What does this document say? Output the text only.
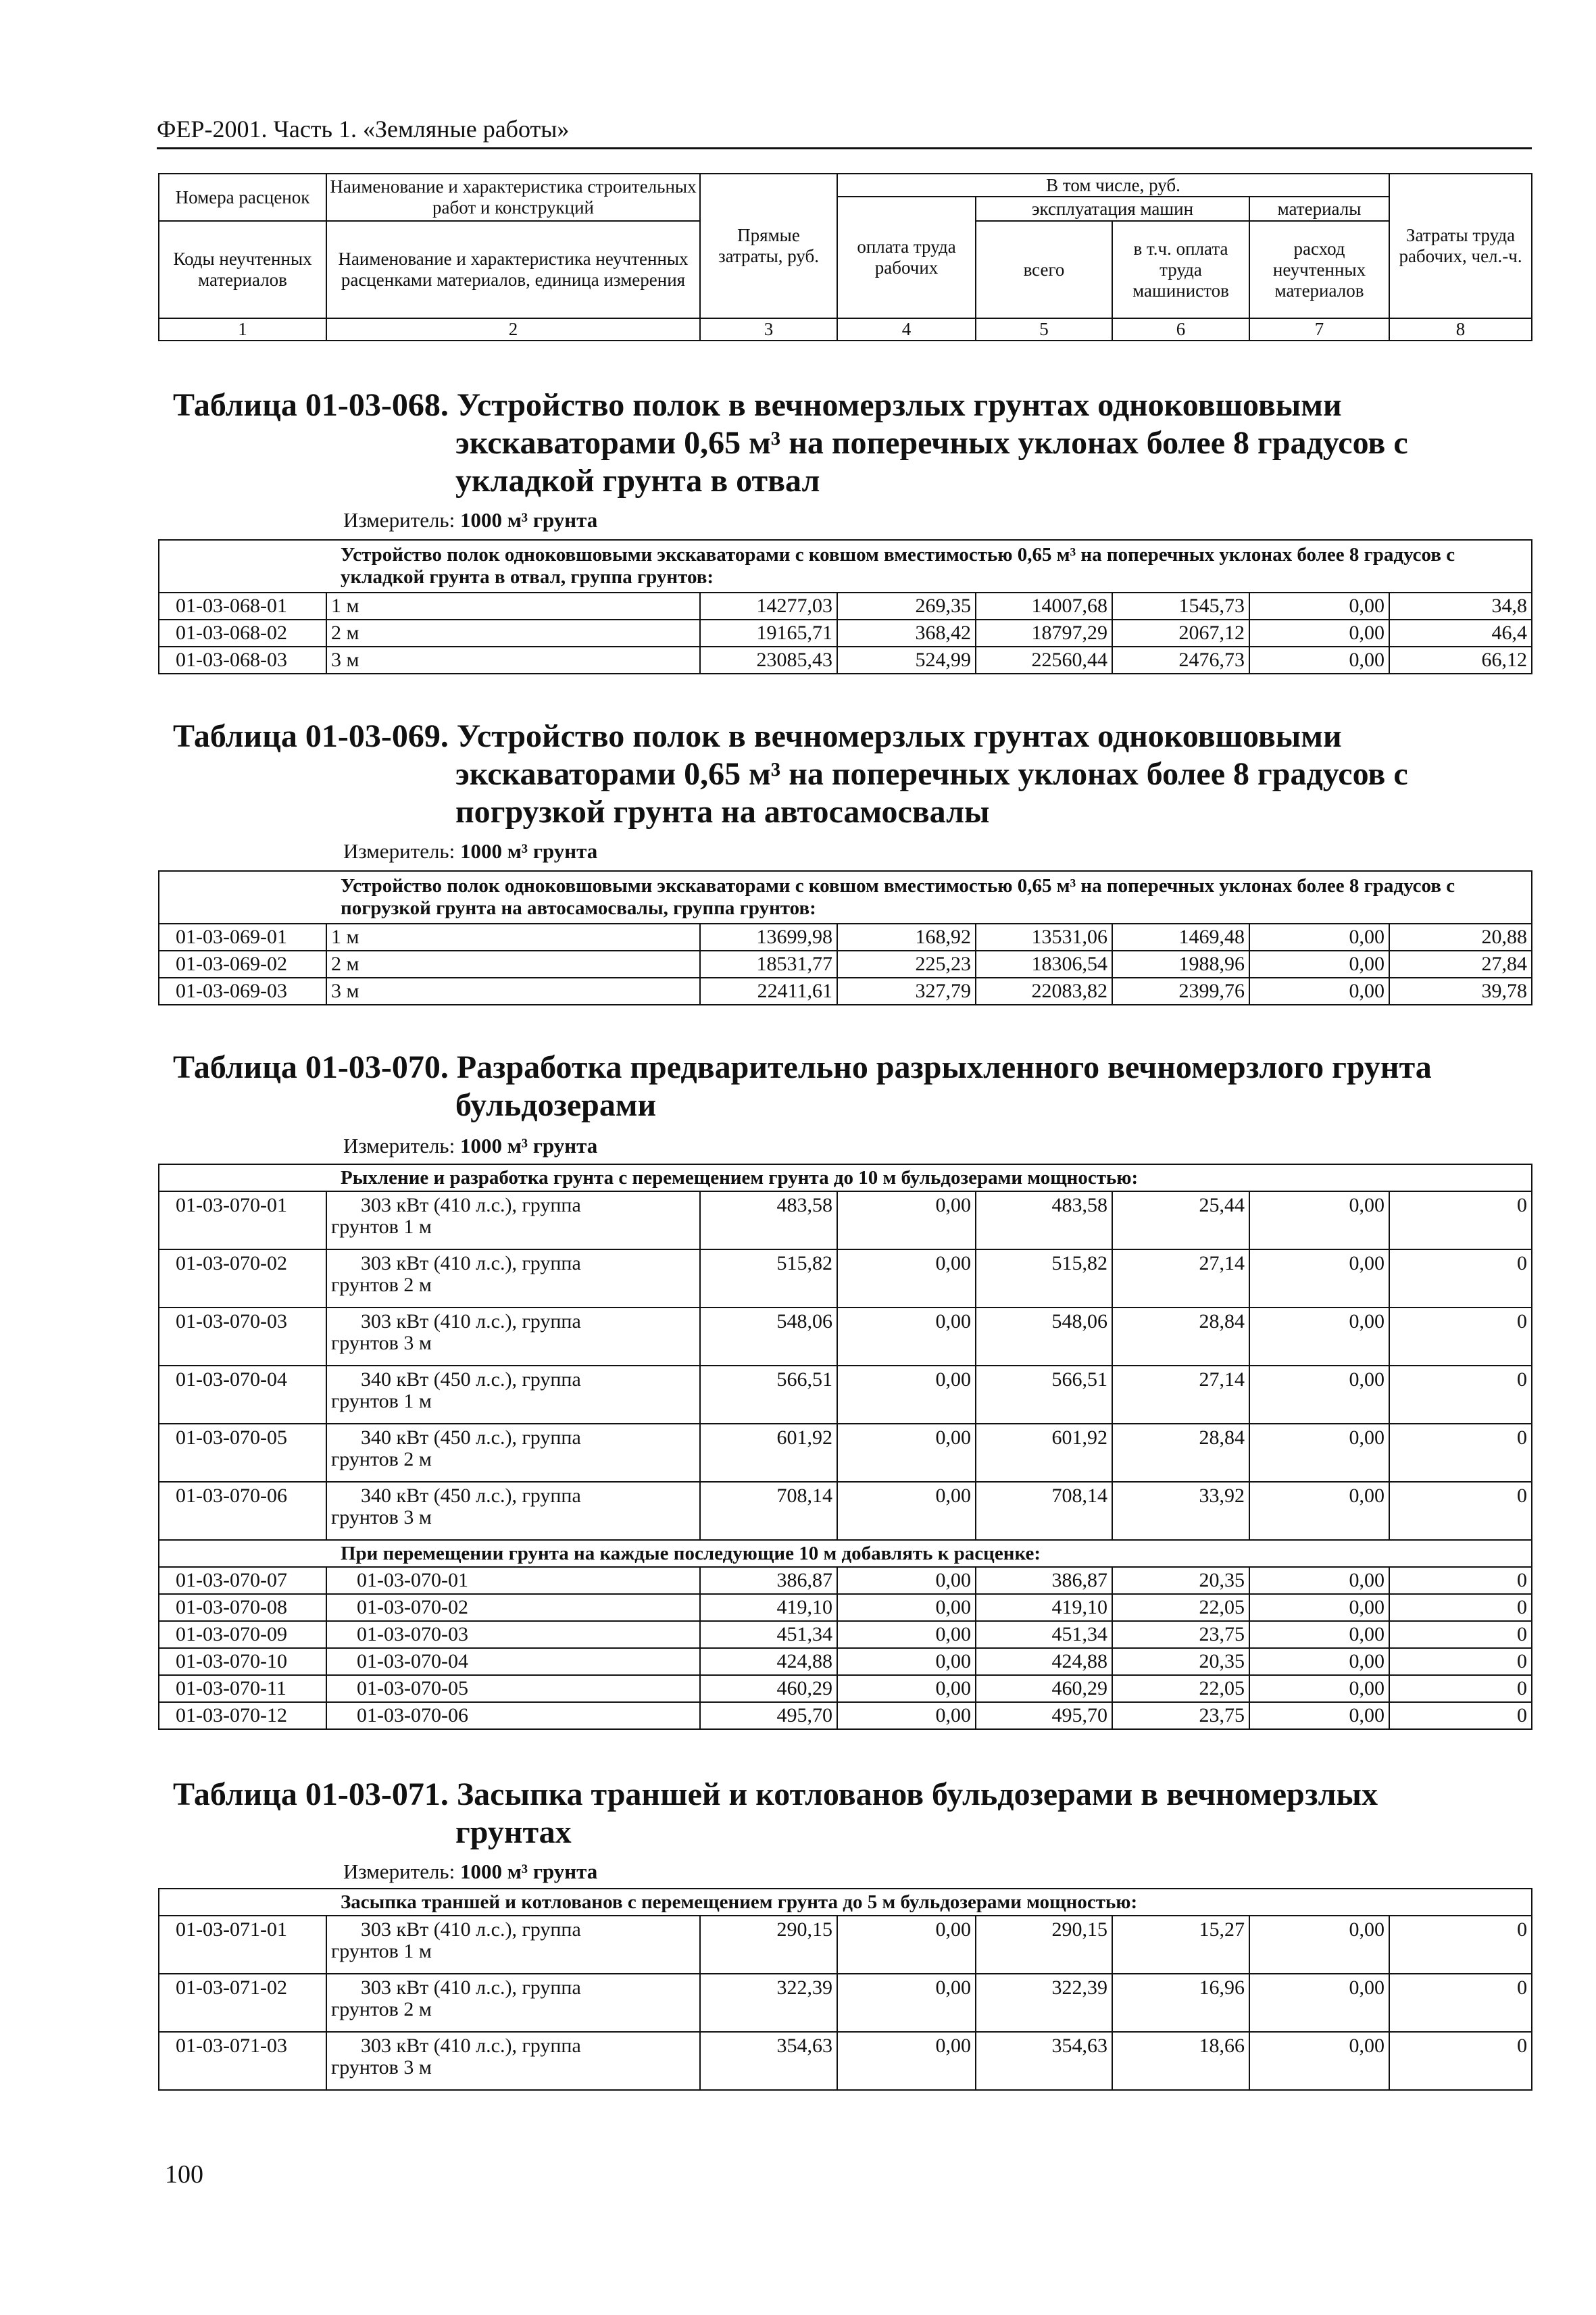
ФЕР-2001. Часть 1. «Земляные работы»
Номера расценок	Наименование и характеристика строительных работ и конструкций	Прямые затраты, руб.	В том числе, руб.				Затраты труда рабочих, чел.-ч.
			оплата труда рабочих	эксплуатация машин		материалы	
Коды неучтенных материалов	Наименование и характеристика неучтенных расценками материалов, единица измерения			всего	в т.ч. оплата труда машинистов	расход неучтенных материалов	

1	2	3	4	5	6	7	8
Таблица 01-03-068. Устройство полок в вечномерзлых грунтах одноковшовыми
экскаваторами 0,65 м³ на поперечных уклонах более 8 градусов с
укладкой грунта в отвал
Измеритель: 1000 м³ грунта
Устройство полок одноковшовыми экскаваторами с ковшом вместимостью 0,65 м³ на поперечных уклонах более 8 градусов с укладкой грунта в отвал, группа грунтов:							
01-03-068-01	1 м	14277,03	269,35	14007,68	1545,73	0,00	34,8
01-03-068-02	2 м	19165,71	368,42	18797,29	2067,12	0,00	46,4
01-03-068-03	3 м	23085,43	524,99	22560,44	2476,73	0,00	66,12
Таблица 01-03-069. Устройство полок в вечномерзлых грунтах одноковшовыми
экскаваторами 0,65 м³ на поперечных уклонах более 8 градусов с
погрузкой грунта на автосамосвалы
Измеритель: 1000 м³ грунта
Устройство полок одноковшовыми экскаваторами с ковшом вместимостью 0,65 м³ на поперечных уклонах более 8 градусов с погрузкой грунта на автосамосвалы, группа грунтов:							
01-03-069-01	1 м	13699,98	168,92	13531,06	1469,48	0,00	20,88
01-03-069-02	2 м	18531,77	225,23	18306,54	1988,96	0,00	27,84
01-03-069-03	3 м	22411,61	327,79	22083,82	2399,76	0,00	39,78
Таблица 01-03-070. Разработка предварительно разрыхленного вечномерзлого грунта
бульдозерами
Измеритель: 1000 м³ грунта
Рыхление и разработка грунта с перемещением грунта до 10 м бульдозерами мощностью:							
01-03-070-01	303 кВт (410 л.с.), группа
грунтов 1 м	483,58	0,00	483,58	25,44	0,00	0
01-03-070-02	303 кВт (410 л.с.), группа
грунтов 2 м	515,82	0,00	515,82	27,14	0,00	0
01-03-070-03	303 кВт (410 л.с.), группа
грунтов 3 м	548,06	0,00	548,06	28,84	0,00	0
01-03-070-04	340 кВт (450 л.с.), группа
грунтов 1 м	566,51	0,00	566,51	27,14	0,00	0
01-03-070-05	340 кВт (450 л.с.), группа
грунтов 2 м	601,92	0,00	601,92	28,84	0,00	0
01-03-070-06	340 кВт (450 л.с.), группа
грунтов 3 м	708,14	0,00	708,14	33,92	0,00	0
При перемещении грунта на каждые последующие 10 м добавлять к расценке:							
01-03-070-07	01-03-070-01	386,87	0,00	386,87	20,35	0,00	0
01-03-070-08	01-03-070-02	419,10	0,00	419,10	22,05	0,00	0
01-03-070-09	01-03-070-03	451,34	0,00	451,34	23,75	0,00	0
01-03-070-10	01-03-070-04	424,88	0,00	424,88	20,35	0,00	0
01-03-070-11	01-03-070-05	460,29	0,00	460,29	22,05	0,00	0
01-03-070-12	01-03-070-06	495,70	0,00	495,70	23,75	0,00	0
Таблица 01-03-071. Засыпка траншей и котлованов бульдозерами в вечномерзлых
грунтах
Измеритель: 1000 м³ грунта
Засыпка траншей и котлованов с перемещением грунта до 5 м бульдозерами мощностью:							
01-03-071-01	303 кВт (410 л.с.), группа
грунтов 1 м	290,15	0,00	290,15	15,27	0,00	0
01-03-071-02	303 кВт (410 л.с.), группа
грунтов 2 м	322,39	0,00	322,39	16,96	0,00	0
01-03-071-03	303 кВт (410 л.с.), группа
грунтов 3 м	354,63	0,00	354,63	18,66	0,00	0
100
